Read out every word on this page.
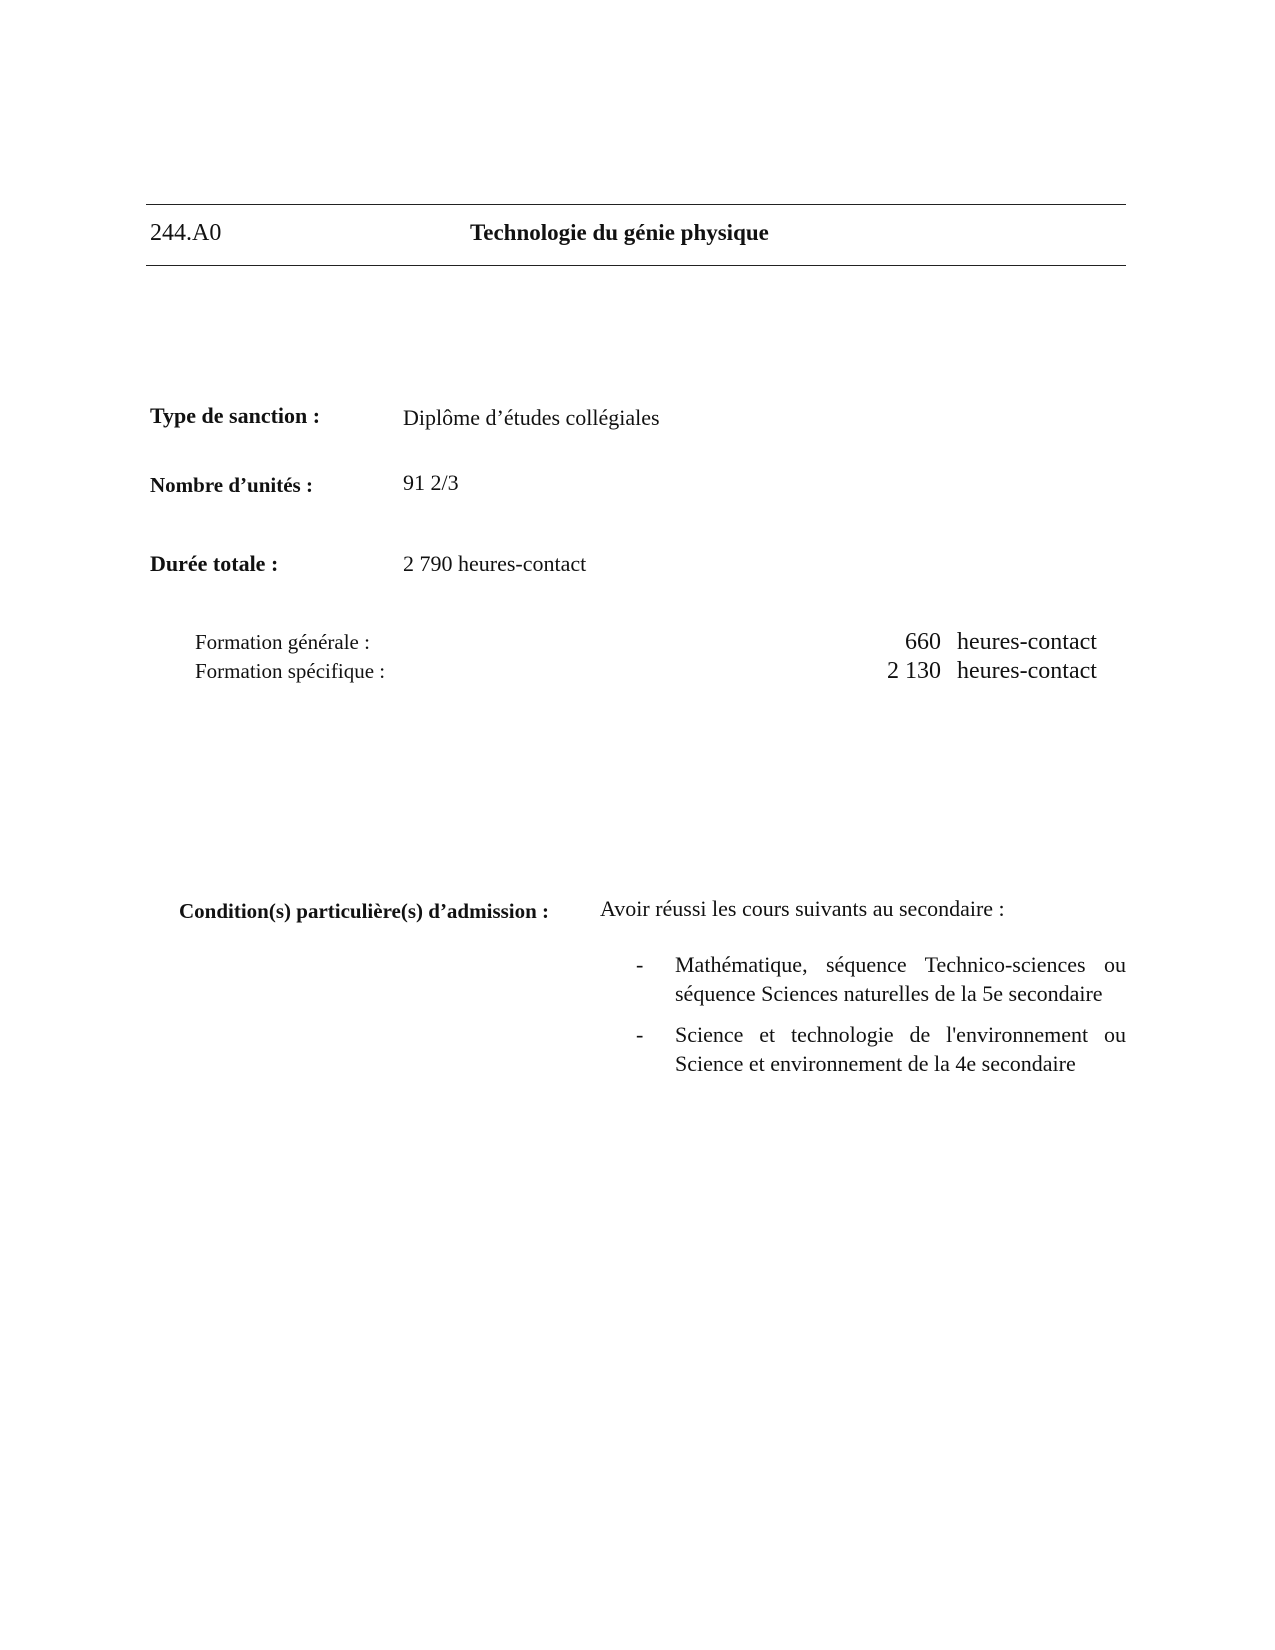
244.A0	Technologie du génie physique
Type de sanction :	Diplôme d’études collégiales
Nombre d’unités :	91 2/3
Durée totale :	2 790 heures-contact
Formation générale :	660 heures-contact
Formation spécifique :	2 130 heures-contact
Condition(s) particulière(s) d’admission : Avoir réussi les cours suivants au secondaire :
- Mathématique, séquence Technico-sciences ou séquence Sciences naturelles de la 5e secondaire
- Science et technologie de l'environnement ou Science et environnement de la 4e secondaire
